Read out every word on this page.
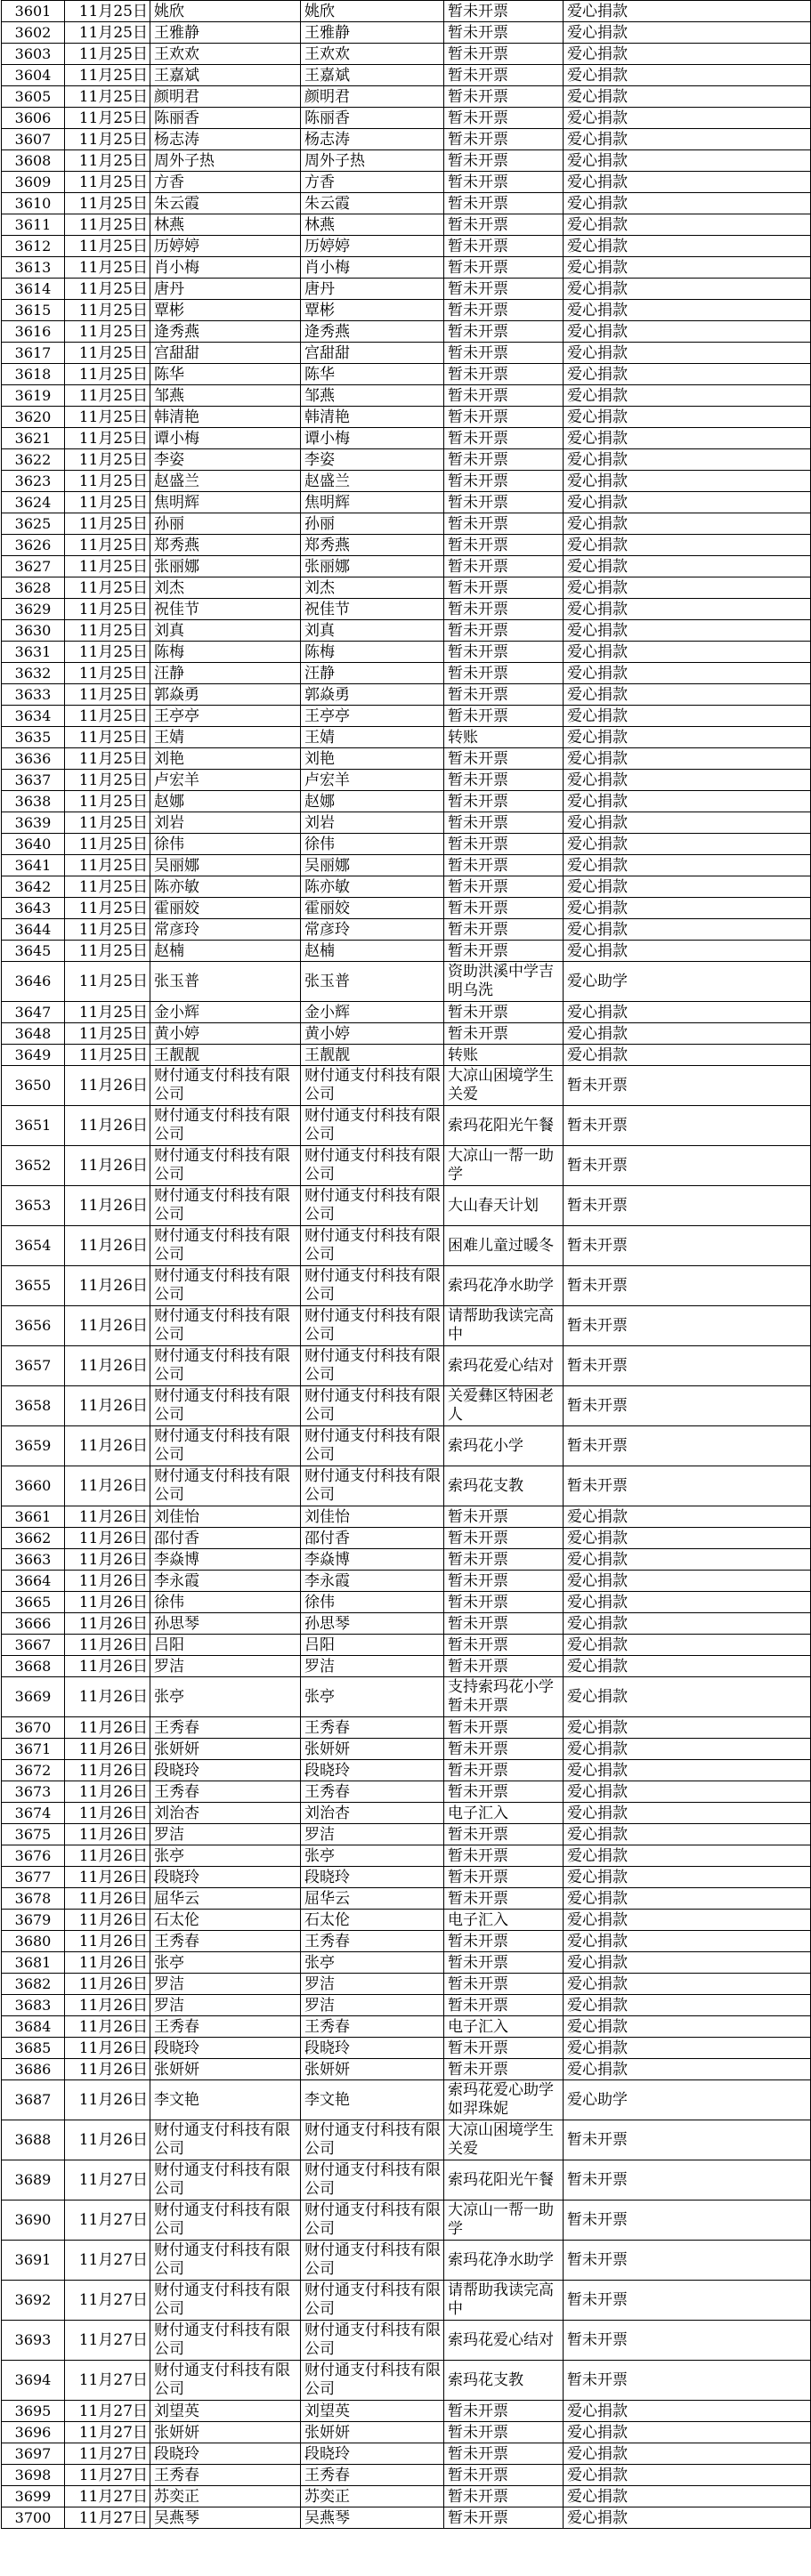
3601	11月25日	姚欣	姚欣	暂未开票	爱心捐款	
3602	11月25日	王雅静	王雅静	暂未开票	爱心捐款	
3603	11月25日	王欢欢	王欢欢	暂未开票	爱心捐款	
3604	11月25日	王嘉斌	王嘉斌	暂未开票	爱心捐款	
3605	11月25日	颜明君	颜明君	暂未开票	爱心捐款	
3606	11月25日	陈丽香	陈丽香	暂未开票	爱心捐款	
3607	11月25日	杨志涛	杨志涛	暂未开票	爱心捐款	
3608	11月25日	周外子热	周外子热	暂未开票	爱心捐款	
3609	11月25日	方香	方香	暂未开票	爱心捐款	
3610	11月25日	朱云霞	朱云霞	暂未开票	爱心捐款	
3611	11月25日	林燕	林燕	暂未开票	爱心捐款	
3612	11月25日	历婷婷	历婷婷	暂未开票	爱心捐款	
3613	11月25日	肖小梅	肖小梅	暂未开票	爱心捐款	
3614	11月25日	唐丹	唐丹	暂未开票	爱心捐款	
3615	11月25日	覃彬	覃彬	暂未开票	爱心捐款	
3616	11月25日	逄秀燕	逄秀燕	暂未开票	爱心捐款	
3617	11月25日	宫甜甜	宫甜甜	暂未开票	爱心捐款	
3618	11月25日	陈华	陈华	暂未开票	爱心捐款	
3619	11月25日	邹燕	邹燕	暂未开票	爱心捐款	
3620	11月25日	韩清艳	韩清艳	暂未开票	爱心捐款	
3621	11月25日	谭小梅	谭小梅	暂未开票	爱心捐款	
3622	11月25日	李姿	李姿	暂未开票	爱心捐款	
3623	11月25日	赵盛兰	赵盛兰	暂未开票	爱心捐款	
3624	11月25日	焦明辉	焦明辉	暂未开票	爱心捐款	
3625	11月25日	孙丽	孙丽	暂未开票	爱心捐款	
3626	11月25日	郑秀燕	郑秀燕	暂未开票	爱心捐款	
3627	11月25日	张丽娜	张丽娜	暂未开票	爱心捐款	
3628	11月25日	刘杰	刘杰	暂未开票	爱心捐款	
3629	11月25日	祝佳节	祝佳节	暂未开票	爱心捐款	
3630	11月25日	刘真	刘真	暂未开票	爱心捐款	
3631	11月25日	陈梅	陈梅	暂未开票	爱心捐款	
3632	11月25日	汪静	汪静	暂未开票	爱心捐款	
3633	11月25日	郭焱勇	郭焱勇	暂未开票	爱心捐款	
3634	11月25日	王亭亭	王亭亭	暂未开票	爱心捐款	
3635	11月25日	王婧	王婧	转账	爱心捐款	
3636	11月25日	刘艳	刘艳	暂未开票	爱心捐款	
3637	11月25日	卢宏羊	卢宏羊	暂未开票	爱心捐款	
3638	11月25日	赵娜	赵娜	暂未开票	爱心捐款	
3639	11月25日	刘岩	刘岩	暂未开票	爱心捐款	
3640	11月25日	徐伟	徐伟	暂未开票	爱心捐款	
3641	11月25日	吴丽娜	吴丽娜	暂未开票	爱心捐款	
3642	11月25日	陈亦敏	陈亦敏	暂未开票	爱心捐款	
3643	11月25日	霍丽姣	霍丽姣	暂未开票	爱心捐款	
3644	11月25日	常彦玲	常彦玲	暂未开票	爱心捐款	
3645	11月25日	赵楠	赵楠	暂未开票	爱心捐款	
3646	11月25日	张玉普	张玉普	资助洪溪中学吉明乌洗	爱心助学	
3647	11月25日	金小辉	金小辉	暂未开票	爱心捐款	
3648	11月25日	黄小婷	黄小婷	暂未开票	爱心捐款	
3649	11月25日	王靓靓	王靓靓	转账	爱心捐款	
3650	11月26日	财付通支付科技有限公司	财付通支付科技有限公司	大凉山困境学生关爱	暂未开票	
3651	11月26日	财付通支付科技有限公司	财付通支付科技有限公司	索玛花阳光午餐	暂未开票	
3652	11月26日	财付通支付科技有限公司	财付通支付科技有限公司	大凉山一帮一助学	暂未开票	
3653	11月26日	财付通支付科技有限公司	财付通支付科技有限公司	大山春天计划	暂未开票	
3654	11月26日	财付通支付科技有限公司	财付通支付科技有限公司	困难儿童过暖冬	暂未开票	
3655	11月26日	财付通支付科技有限公司	财付通支付科技有限公司	索玛花净水助学	暂未开票	
3656	11月26日	财付通支付科技有限公司	财付通支付科技有限公司	请帮助我读完高中	暂未开票	
3657	11月26日	财付通支付科技有限公司	财付通支付科技有限公司	索玛花爱心结对	暂未开票	
3658	11月26日	财付通支付科技有限公司	财付通支付科技有限公司	关爱彝区特困老人	暂未开票	
3659	11月26日	财付通支付科技有限公司	财付通支付科技有限公司	索玛花小学	暂未开票	
3660	11月26日	财付通支付科技有限公司	财付通支付科技有限公司	索玛花支教	暂未开票	
3661	11月26日	刘佳怡	刘佳怡	暂未开票	爱心捐款	
3662	11月26日	邵付香	邵付香	暂未开票	爱心捐款	
3663	11月26日	李焱博	李焱博	暂未开票	爱心捐款	
3664	11月26日	李永霞	李永霞	暂未开票	爱心捐款	
3665	11月26日	徐伟	徐伟	暂未开票	爱心捐款	
3666	11月26日	孙思琴	孙思琴	暂未开票	爱心捐款	
3667	11月26日	吕阳	吕阳	暂未开票	爱心捐款	
3668	11月26日	罗洁	罗洁	暂未开票	爱心捐款	
3669	11月26日	张亭	张亭	支持索玛花小学暂未开票	爱心捐款	
3670	11月26日	王秀春	王秀春	暂未开票	爱心捐款	
3671	11月26日	张妍妍	张妍妍	暂未开票	爱心捐款	
3672	11月26日	段晓玲	段晓玲	暂未开票	爱心捐款	
3673	11月26日	王秀春	王秀春	暂未开票	爱心捐款	
3674	11月26日	刘治杏	刘治杏	电子汇入	爱心捐款	
3675	11月26日	罗洁	罗洁	暂未开票	爱心捐款	
3676	11月26日	张亭	张亭	暂未开票	爱心捐款	
3677	11月26日	段晓玲	段晓玲	暂未开票	爱心捐款	
3678	11月26日	屈华云	屈华云	暂未开票	爱心捐款	
3679	11月26日	石太伦	石太伦	电子汇入	爱心捐款	
3680	11月26日	王秀春	王秀春	暂未开票	爱心捐款	
3681	11月26日	张亭	张亭	暂未开票	爱心捐款	
3682	11月26日	罗洁	罗洁	暂未开票	爱心捐款	
3683	11月26日	罗洁	罗洁	暂未开票	爱心捐款	
3684	11月26日	王秀春	王秀春	电子汇入	爱心捐款	
3685	11月26日	段晓玲	段晓玲	暂未开票	爱心捐款	
3686	11月26日	张妍妍	张妍妍	暂未开票	爱心捐款	
3687	11月26日	李文艳	李文艳	索玛花爱心助学 如羿珠妮	爱心助学	
3688	11月26日	财付通支付科技有限公司	财付通支付科技有限公司	大凉山困境学生关爱	暂未开票	
3689	11月27日	财付通支付科技有限公司	财付通支付科技有限公司	索玛花阳光午餐	暂未开票	
3690	11月27日	财付通支付科技有限公司	财付通支付科技有限公司	大凉山一帮一助学	暂未开票	
3691	11月27日	财付通支付科技有限公司	财付通支付科技有限公司	索玛花净水助学	暂未开票	
3692	11月27日	财付通支付科技有限公司	财付通支付科技有限公司	请帮助我读完高中	暂未开票	
3693	11月27日	财付通支付科技有限公司	财付通支付科技有限公司	索玛花爱心结对	暂未开票	
3694	11月27日	财付通支付科技有限公司	财付通支付科技有限公司	索玛花支教	暂未开票	
3695	11月27日	刘望英	刘望英	暂未开票	爱心捐款	
3696	11月27日	张妍妍	张妍妍	暂未开票	爱心捐款	
3697	11月27日	段晓玲	段晓玲	暂未开票	爱心捐款	
3698	11月27日	王秀春	王秀春	暂未开票	爱心捐款	
3699	11月27日	苏奕正	苏奕正	暂未开票	爱心捐款	
3700	11月27日	吴燕琴	吴燕琴	暂未开票	爱心捐款	
